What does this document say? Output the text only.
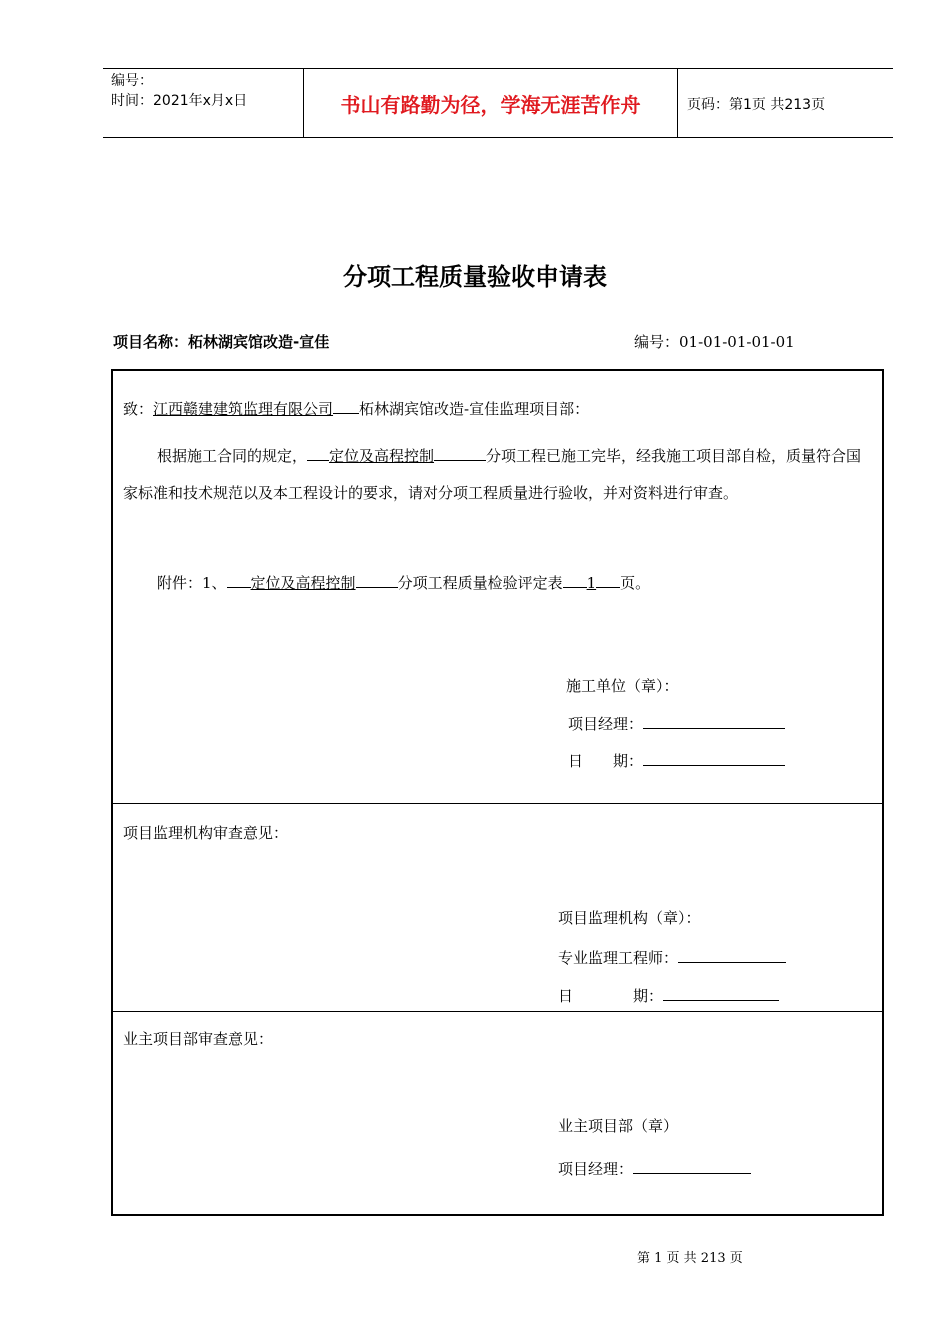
编号：
时间：2021年x月x日	书山有路勤为径，学海无涯苦作舟	页码：第1页 共213页
分项工程质量验收申请表
项目名称：柘林湖宾馆改造-宣佳	编号：01-01-01-01-01
致：江西赣建建筑监理有限公司 柘林湖宾馆改造-宣佳监理项目部：
根据施工合同的规定， 定位及高程控制	分项工程已施工完毕，经我施工项目部自检，质量符合国家标准和技术规范以及本工程设计的要求，请对分项工程质量进行验收，并对资料进行审查。
附件：1、 定位及高程控制	分项工程质量检验评定表 1 页。
施工单位（章）：
项目经理：
日　　期：
项目监理机构审查意见：
项目监理机构（章）：
专业监理工程师：
日　　　　期：
业主项目部审查意见：
业主项目部（章）
项目经理：
第 1 页 共 213 页
